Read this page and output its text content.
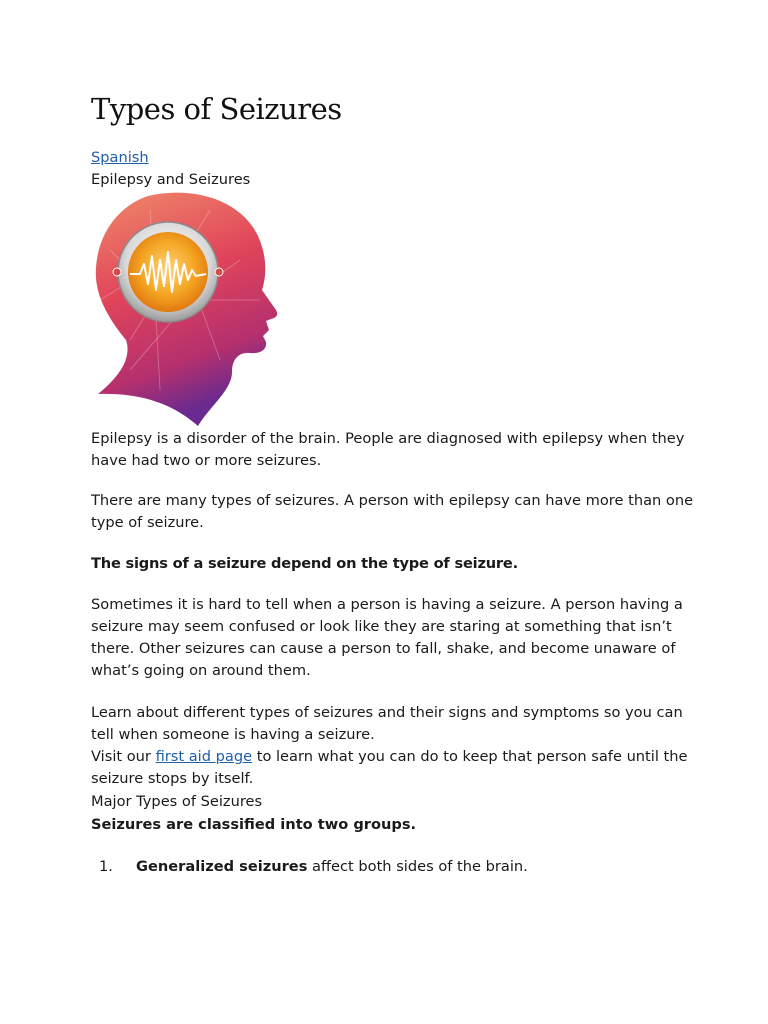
Types of Seizures
Spanish
Epilepsy and Seizures
Epilepsy is a disorder of the brain. People are diagnosed with epilepsy when they
have had two or more seizures.
There are many types of seizures. A person with epilepsy can have more than one
type of seizure.
The signs of a seizure depend on the type of seizure.
Sometimes it is hard to tell when a person is having a seizure. A person having a
seizure may seem confused or look like they are staring at something that isn’t
there. Other seizures can cause a person to fall, shake, and become unaware of
what’s going on around them.
Learn about different types of seizures and their signs and symptoms so you can
tell when someone is having a seizure.
Visit our first aid page to learn what you can do to keep that person safe until the
seizure stops by itself.
Major Types of Seizures
Seizures are classified into two groups.
1. Generalized seizures affect both sides of the brain.
